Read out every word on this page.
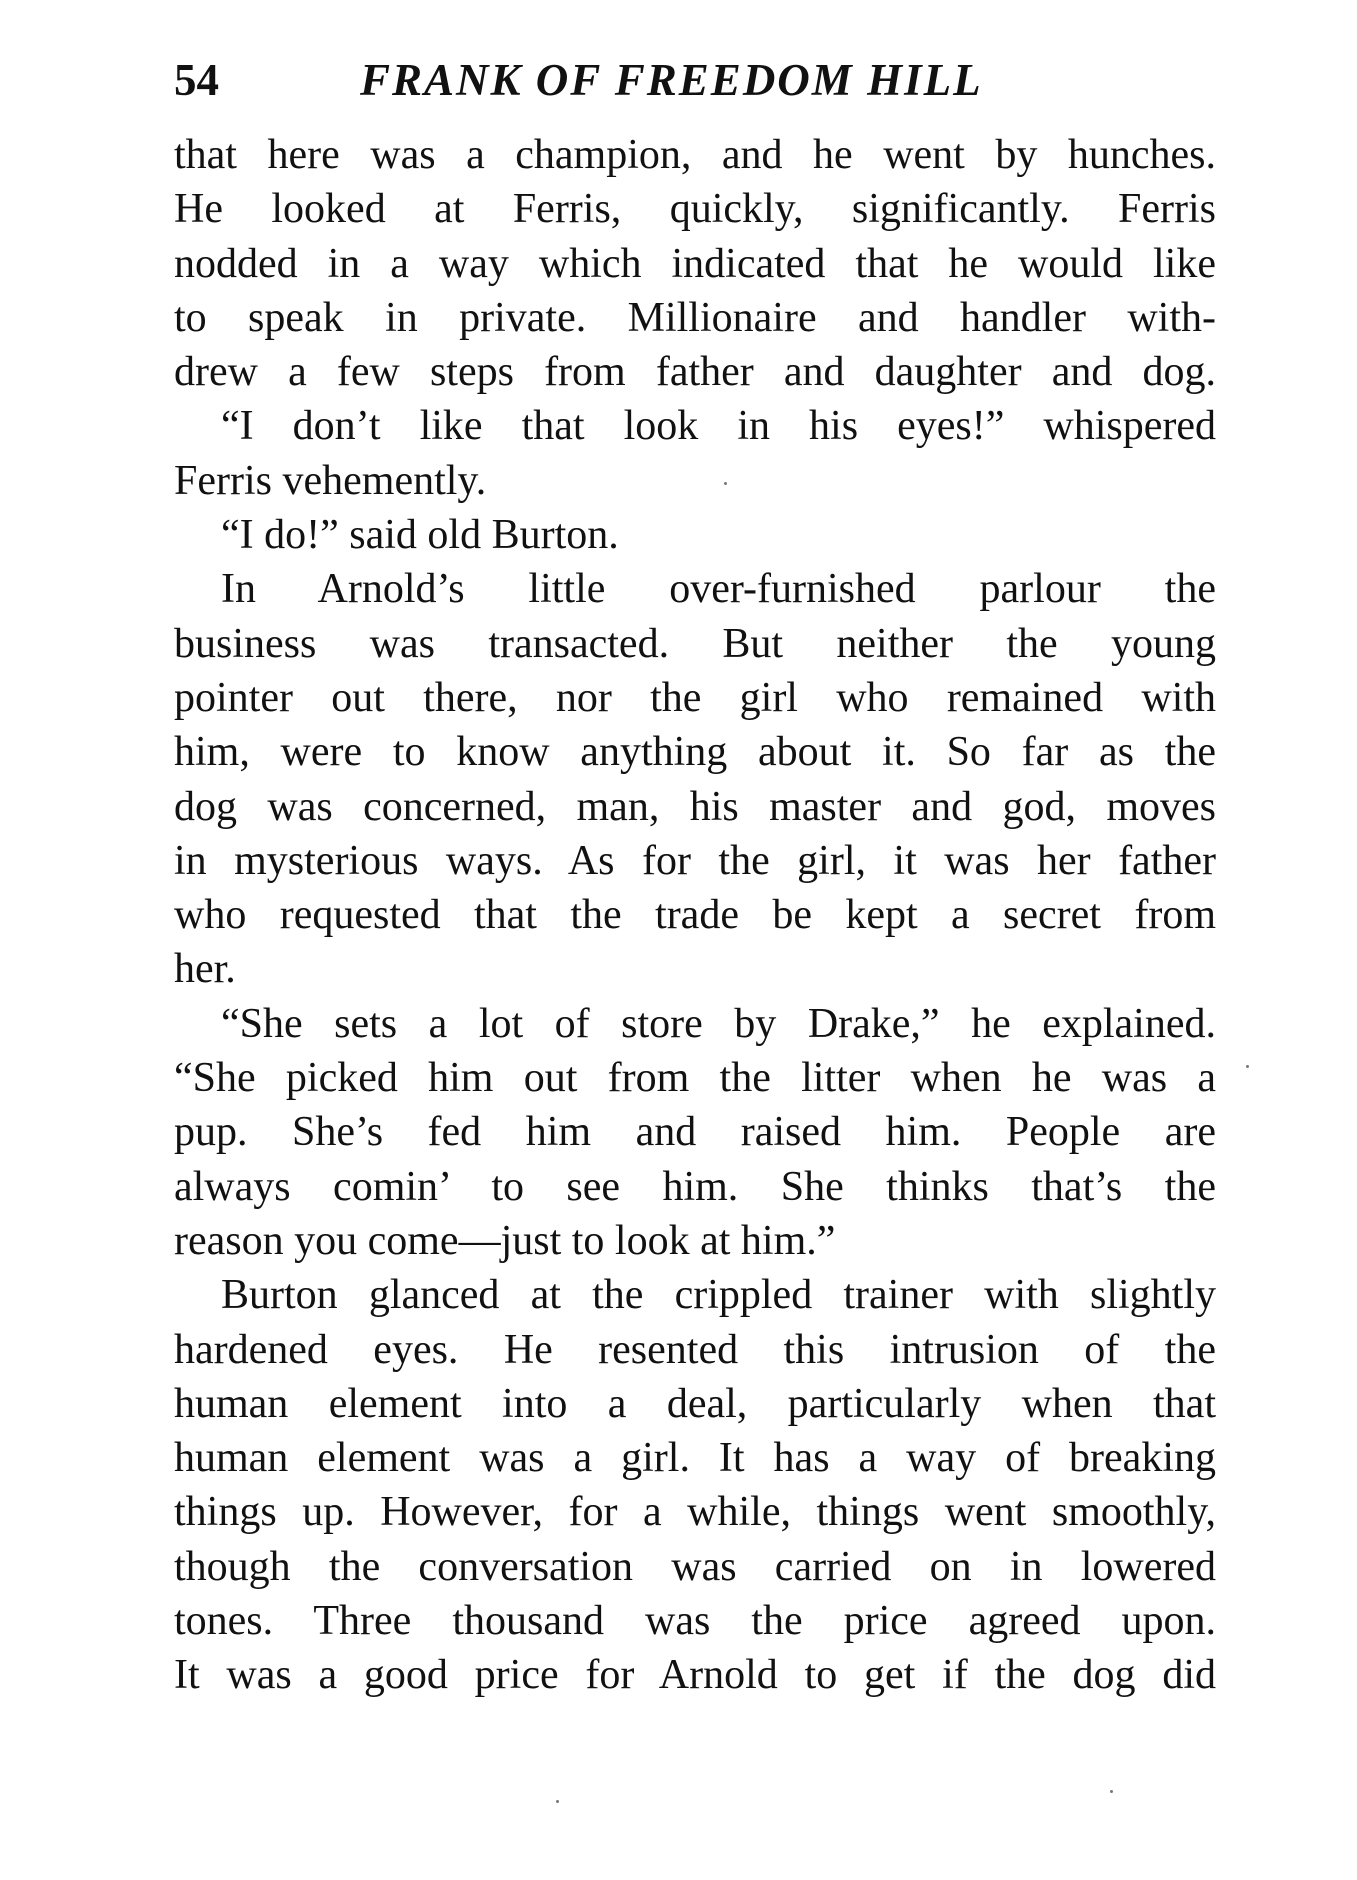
54	FRANK OF FREEDOM HILL
that here was a champion, and he went by hunches.
He looked at Ferris, quickly, significantly. Ferris
nodded in a way which indicated that he would like
to speak in private. Millionaire and handler with-
drew a few steps from father and daughter and dog.
“I don’t like that look in his eyes!” whispered
Ferris vehemently.
“I do!” said old Burton.
In Arnold’s little over-furnished parlour the
business was transacted. But neither the young
pointer out there, nor the girl who remained with
him, were to know anything about it. So far as the
dog was concerned, man, his master and god, moves
in mysterious ways. As for the girl, it was her father
who requested that the trade be kept a secret from
her.
“She sets a lot of store by Drake,” he explained.
“She picked him out from the litter when he was a
pup. She’s fed him and raised him. People are
always comin’ to see him. She thinks that’s the
reason you come—just to look at him.”
Burton glanced at the crippled trainer with slightly
hardened eyes. He resented this intrusion of the
human element into a deal, particularly when that
human element was a girl. It has a way of breaking
things up. However, for a while, things went smoothly,
though the conversation was carried on in lowered
tones. Three thousand was the price agreed upon.
It was a good price for Arnold to get if the dog did
